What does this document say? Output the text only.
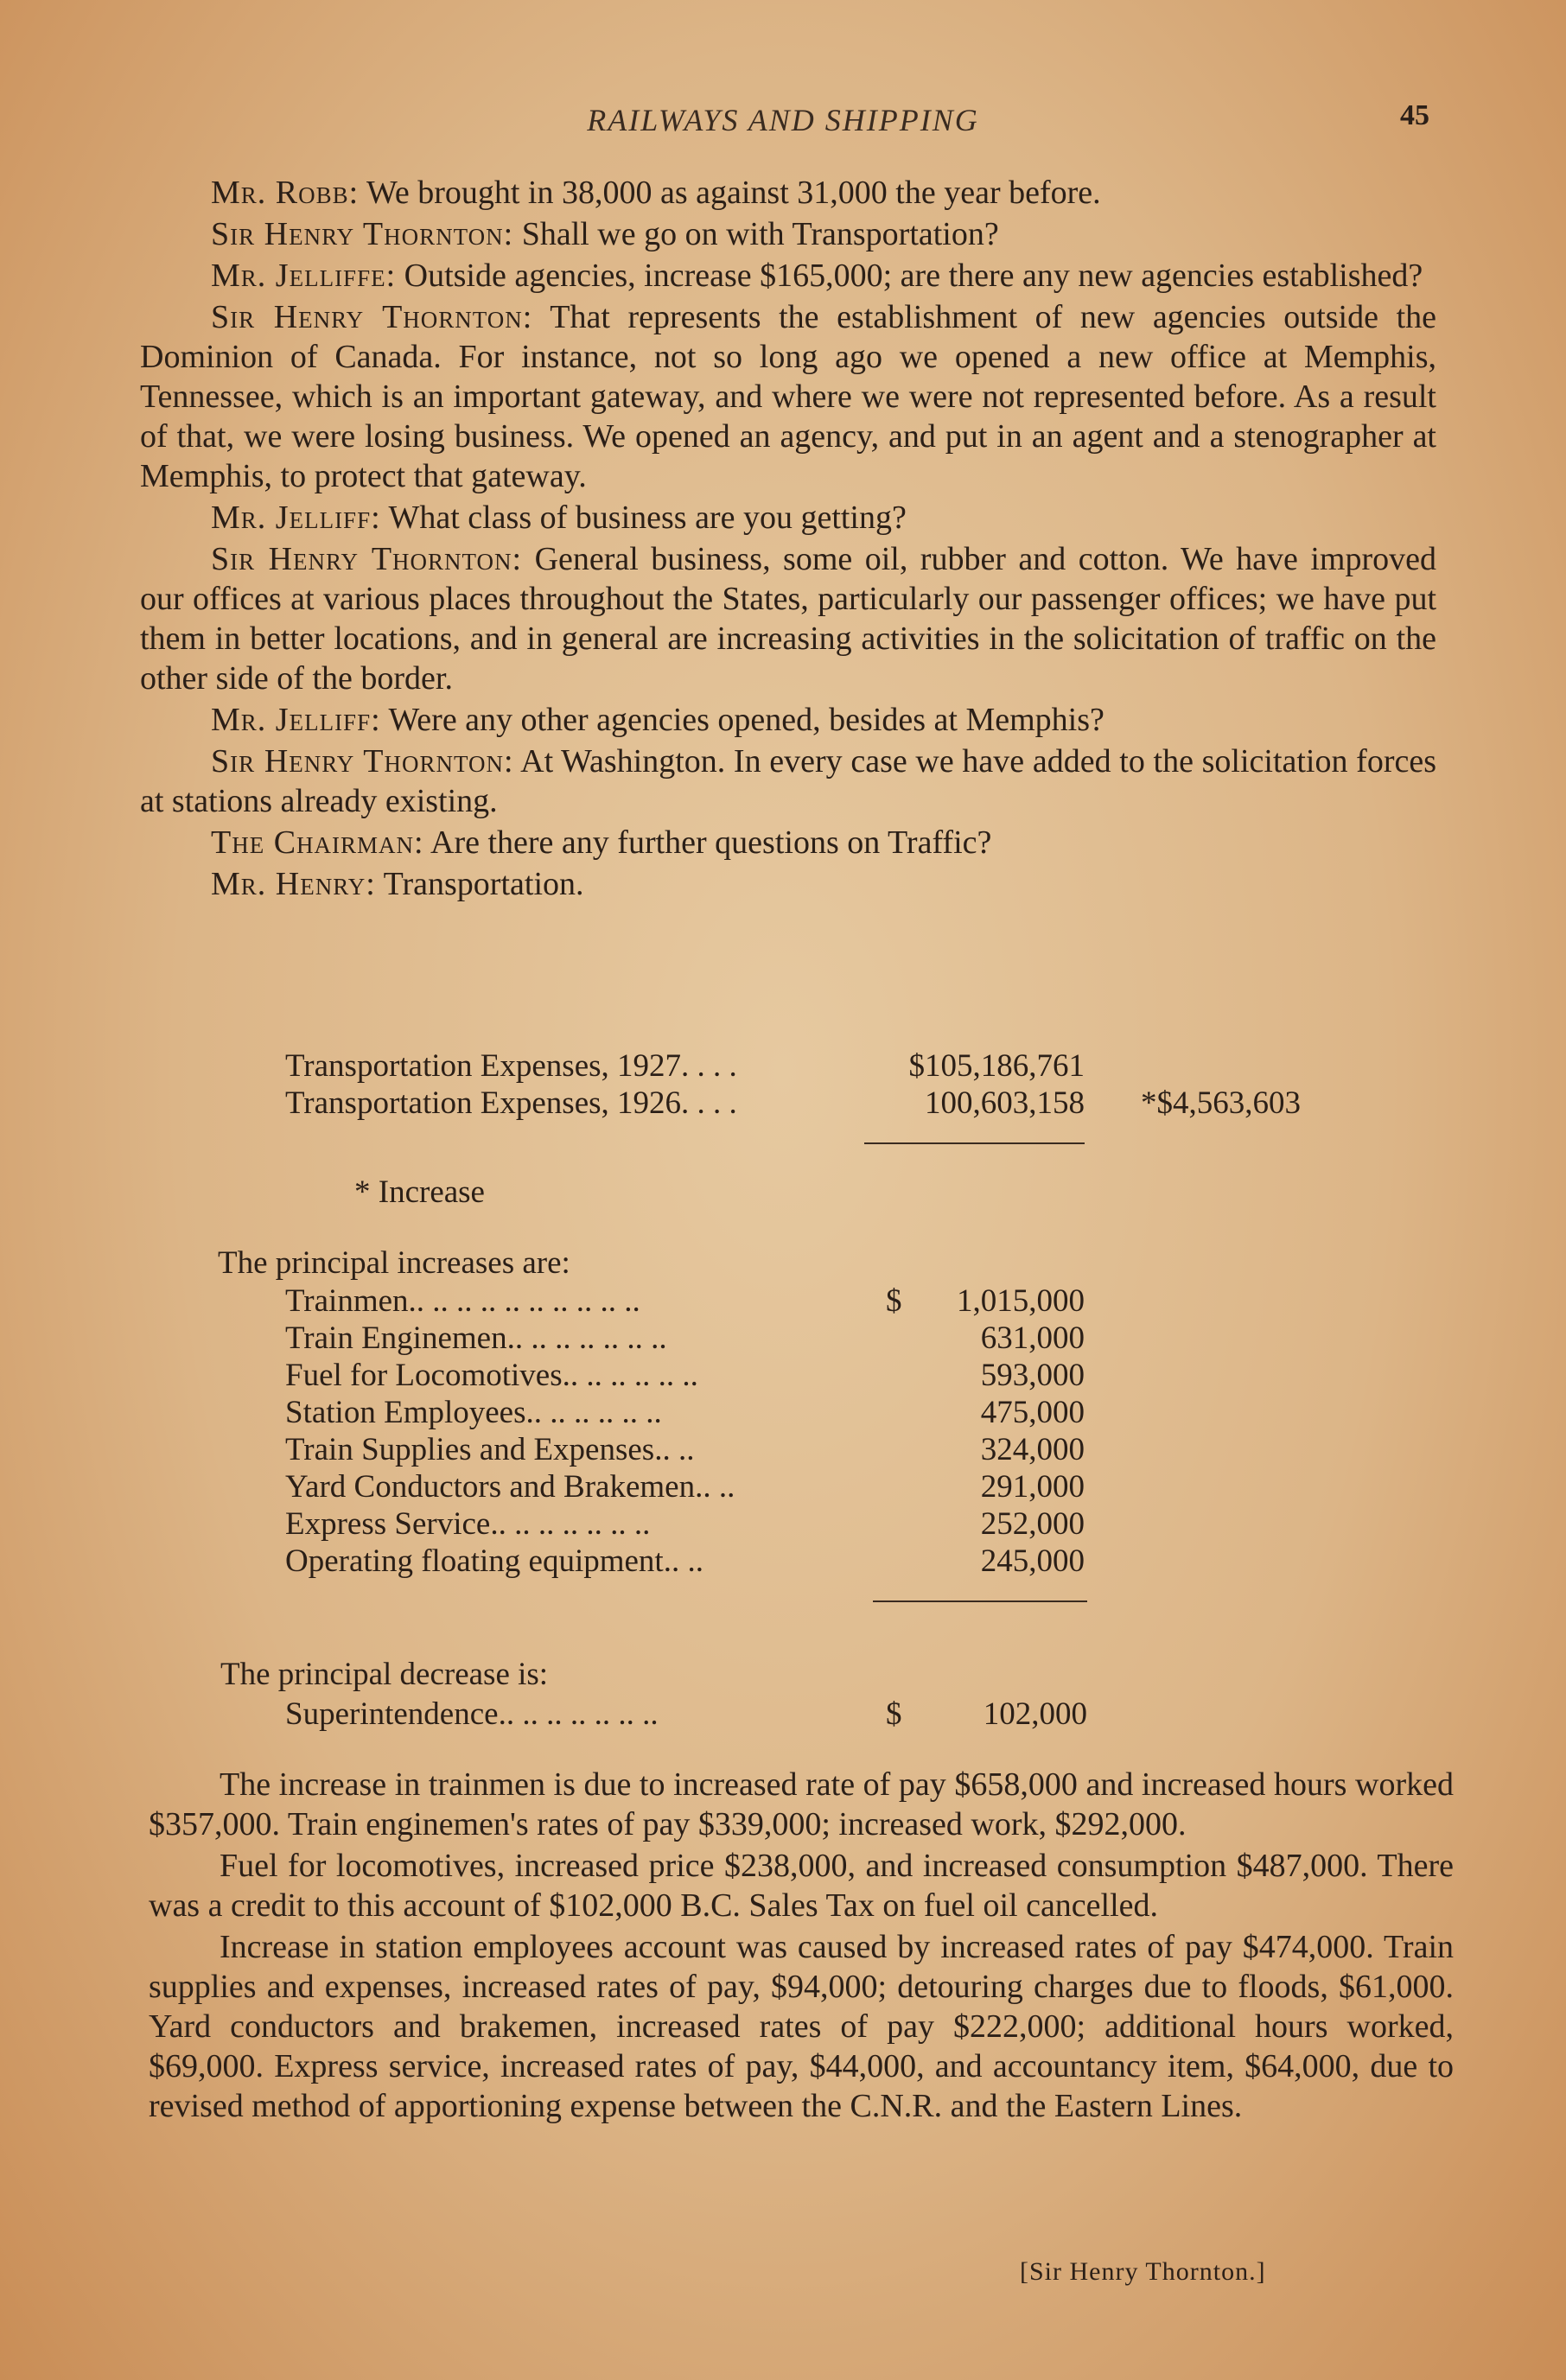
RAILWAYS AND SHIPPING	45

Mr. Robb: We brought in 38,000 as against 31,000 the year before.

Sir Henry Thornton: Shall we go on with Transportation?

Mr. Jelliffe: Outside agencies, increase $165,000; are there any new agencies established?

Sir Henry Thornton: That represents the establishment of new agencies outside the Dominion of Canada. For instance, not so long ago we opened a new office at Memphis, Tennessee, which is an important gateway, and where we were not represented before. As a result of that, we were losing business. We opened an agency, and put in an agent and a stenographer at Memphis, to protect that gateway.

Mr. Jelliff: What class of business are you getting?

Sir Henry Thornton: General business, some oil, rubber and cotton. We have improved our offices at various places throughout the States, particularly our passenger offices; we have put them in better locations, and in general are increasing activities in the solicitation of traffic on the other side of the border.

Mr. Jelliff: Were any other agencies opened, besides at Memphis?

Sir Henry Thornton: At Washington. In every case we have added to the solicitation forces at stations already existing.

The Chairman: Are there any further questions on Traffic?

Mr. Henry: Transportation.

Transportation Expenses, 1927. . . .	$105,186,761
Transportation Expenses, 1926. . . .	100,603,158 *$4,563,603
* Increase
The principal increases are:
Trainmen.. .. .. .. .. .. .. .. .. ..	$ 1,015,000
Train Enginemen.. .. .. .. .. .. ..	631,000
Fuel for Locomotives.. .. .. .. .. ..	593,000
Station Employees.. .. .. .. .. ..	475,000
Train Supplies and Expenses.. ..	324,000
Yard Conductors and Brakemen.. ..	291,000
Express Service.. .. .. .. .. .. ..	252,000
Operating floating equipment.. ..	245,000
The principal decrease is:
Superintendence.. .. .. .. .. .. ..	$	102,000

The increase in trainmen is due to increased rate of pay $658,000 and increased hours worked $357,000. Train enginemen's rates of pay $339,000; increased work, $292,000.

Fuel for locomotives, increased price $238,000, and increased consumption $487,000. There was a credit to this account of $102,000 B.C. Sales Tax on fuel oil cancelled.

Increase in station employees account was caused by increased rates of pay $474,000. Train supplies and expenses, increased rates of pay, $94,000; detouring charges due to floods, $61,000. Yard conductors and brakemen, increased rates of pay $222,000; additional hours worked, $69,000. Express service, increased rates of pay, $44,000, and accountancy item, $64,000, due to revised method of apportioning expense between the C.N.R. and the Eastern Lines.

[Sir Henry Thornton.]
